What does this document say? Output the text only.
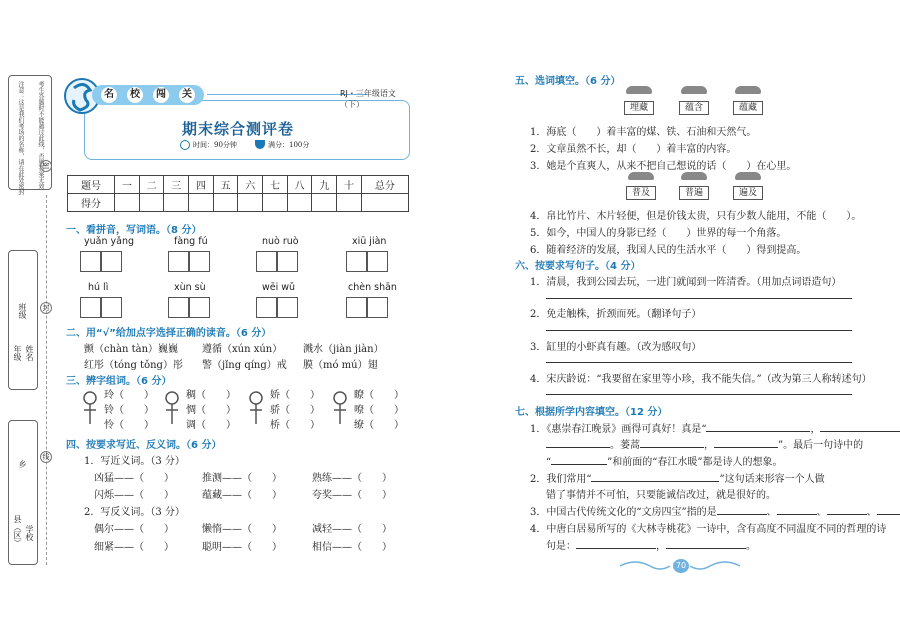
注意：这是我们考场的名称，请在此处密封	考生答题时不能越过此线，否则答案无效
密
封
线
班级
年级 姓名
乡
县（区） 学校
名	校	闯	关	RJ・三年级语文（下）
期末综合测评卷
时间：90分钟	满分：100分
题号	一	二	三	四	五	六	七	八	九	十	总分
得分											
一、看拼音，写词语。（8 分）
yuǎn yǎng	fàng fú	nuò ruò	xiū jiàn
hú lì	xùn sù	wēi wǔ	chèn shān
二、用“√”给加点字选择正确的读音。（6 分）
颤（chàn tàn）巍巍 遵循（xún xún） 溅水（jiàn jiàn）
红彤（tóng tǒng）彤 警（jǐng qíng）戒 膜（mó mú）翅
三、辨字组词。（6 分）
玲（　　）
铃（　　）
怜（　　）
稠（　　）
惆（　　）
调（　　）
娇（　　）
骄（　　）
桥（　　）
瞭（　　）
嘹（　　）
缭（　　）
四、按要求写近、反义词。（6 分）
1．写近义词。（3 分）
凶猛——（　　）	推测——（　　）	熟练——（　　）
闪烁——（　　）	蕴藏——（　　）	夸奖——（　　）
2．写反义词。（3 分）
偶尔——（　　）	懒惰——（　　）	减轻——（　　）
细紧——（　　）	聪明——（　　）	相信——（　　）
五、选词填空。（6 分）
埋藏	蕴含	蕴藏
1．海底（　　）着丰富的煤、铁、石油和天然气。
2．文章虽然不长，却（　　）着丰富的内容。
3．她是个直爽人，从来不把自己想说的话（　　）在心里。
普及	普遍	遍及
4．帛比竹片、木片轻便，但是价钱太贵，只有少数人能用，不能（　　）。
5．如今，中国人的身影已经（　　）世界的每一个角落。
6．随着经济的发展，我国人民的生活水平（　　）得到提高。
六、按要求写句子。（4 分）
1．清晨，我到公园去玩，一进门就闻到一阵清香。（用加点词语造句）
2．免走触株，折颈而死。（翻译句子）
3．缸里的小虾真有趣。（改为感叹句）
4．宋庆龄说：“我要留在家里等小珍，我不能失信。”（改为第三人称转述句）
七、根据所学内容填空。（12 分）
1．《惠崇春江晚景》画得可真好！真是“	，
。蒌蒿	，	”。最后一句诗中的
“	”和前面的“春江水暖”都是诗人的想象。
2．我们常用“	”这句话来形容一个人做
错了事情并不可怕，只要能诚信改过，就是很好的。
3．中国古代传统文化的“文房四宝”指的是	、	、	、
4．中唐白居易所写的《大林寺桃花》一诗中，含有高度不同温度不同的哲理的诗
句是：	，	。
70
